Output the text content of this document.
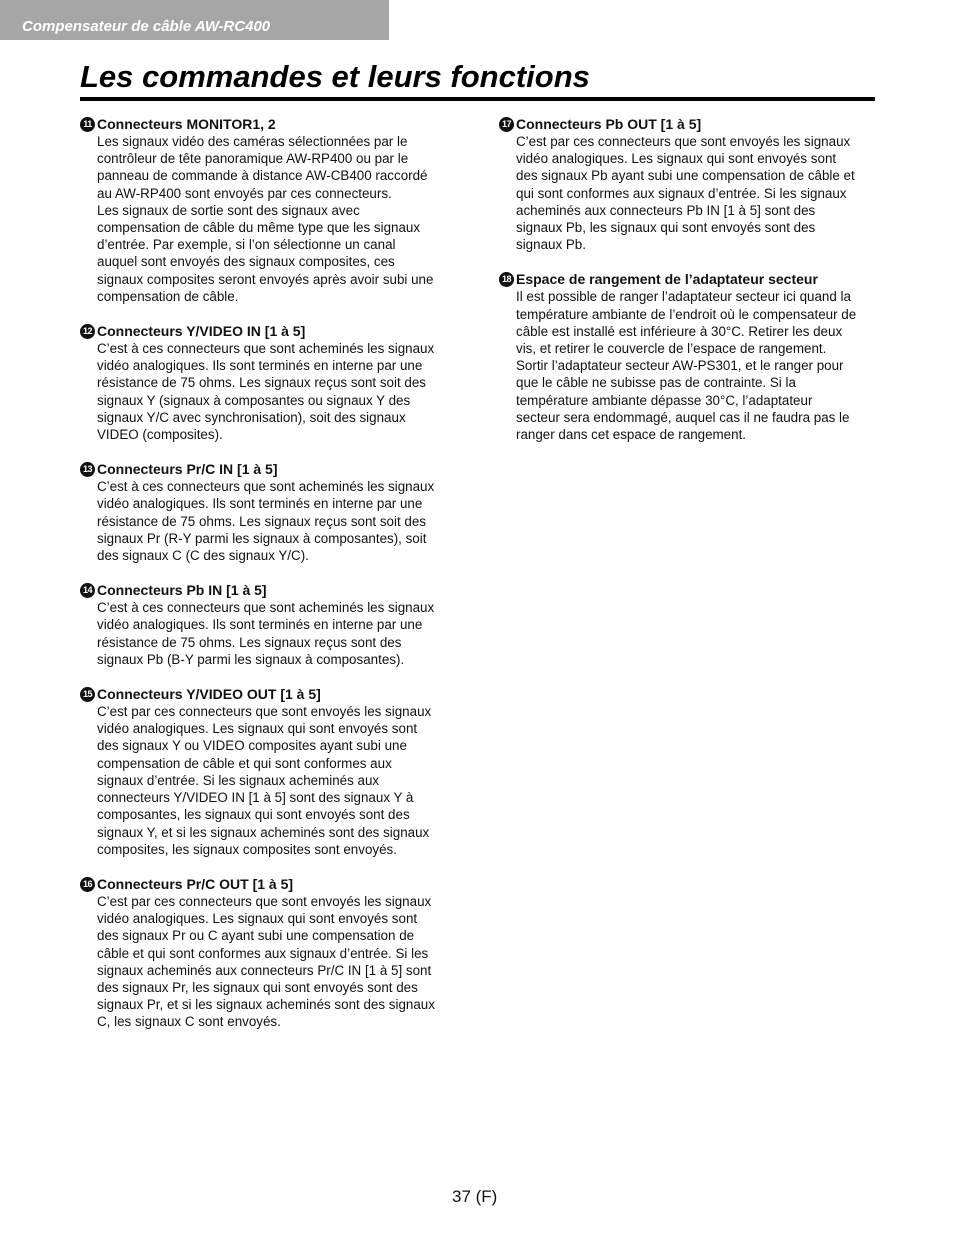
Compensateur de câble AW-RC400
Les commandes et leurs fonctions
11 Connecteurs MONITOR1, 2
Les signaux vidéo des caméras sélectionnées par le
contrôleur de tête panoramique AW-RP400 ou par le
panneau de commande à distance AW-CB400 raccordé
au AW-RP400 sont envoyés par ces connecteurs.
Les signaux de sortie sont des signaux avec
compensation de câble du même type que les signaux
d’entrée. Par exemple, si l’on sélectionne un canal
auquel sont envoyés des signaux composites, ces
signaux composites seront envoyés après avoir subi une
compensation de câble.
12 Connecteurs Y/VIDEO IN [1 à 5]
C’est à ces connecteurs que sont acheminés les signaux
vidéo analogiques. Ils sont terminés en interne par une
résistance de 75 ohms. Les signaux reçus sont soit des
signaux Y (signaux à composantes ou signaux Y des
signaux Y/C avec synchronisation), soit des signaux
VIDEO (composites).
13 Connecteurs Pr/C IN [1 à 5]
C’est à ces connecteurs que sont acheminés les signaux
vidéo analogiques. Ils sont terminés en interne par une
résistance de 75 ohms. Les signaux reçus sont soit des
signaux Pr (R-Y parmi les signaux à composantes), soit
des signaux C (C des signaux Y/C).
14 Connecteurs Pb IN [1 à 5]
C’est à ces connecteurs que sont acheminés les signaux
vidéo analogiques. Ils sont terminés en interne par une
résistance de 75 ohms. Les signaux reçus sont des
signaux Pb (B-Y parmi les signaux à composantes).
15 Connecteurs Y/VIDEO OUT [1 à 5]
C’est par ces connecteurs que sont envoyés les signaux
vidéo analogiques. Les signaux qui sont envoyés sont
des signaux Y ou VIDEO composites ayant subi une
compensation de câble et qui sont conformes aux
signaux d’entrée. Si les signaux acheminés aux
connecteurs Y/VIDEO IN [1 à 5] sont des signaux Y à
composantes, les signaux qui sont envoyés sont des
signaux Y, et si les signaux acheminés sont des signaux
composites, les signaux composites sont envoyés.
16 Connecteurs Pr/C OUT [1 à 5]
C’est par ces connecteurs que sont envoyés les signaux
vidéo analogiques. Les signaux qui sont envoyés sont
des signaux Pr ou C ayant subi une compensation de
câble et qui sont conformes aux signaux d’entrée. Si les
signaux acheminés aux connecteurs Pr/C IN [1 à 5] sont
des signaux Pr, les signaux qui sont envoyés sont des
signaux Pr, et si les signaux acheminés sont des signaux
C, les signaux C sont envoyés.
17 Connecteurs Pb OUT [1 à 5]
C’est par ces connecteurs que sont envoyés les signaux
vidéo analogiques. Les signaux qui sont envoyés sont
des signaux Pb ayant subi une compensation de câble et
qui sont conformes aux signaux d’entrée. Si les signaux
acheminés aux connecteurs Pb IN [1 à 5] sont des
signaux Pb, les signaux qui sont envoyés sont des
signaux Pb.
18 Espace de rangement de l’adaptateur secteur
Il est possible de ranger l’adaptateur secteur ici quand la
température ambiante de l’endroit où le compensateur de
câble est installé est inférieure à 30°C. Retirer les deux
vis, et retirer le couvercle de l’espace de rangement.
Sortir l’adaptateur secteur AW-PS301, et le ranger pour
que le câble ne subisse pas de contrainte. Si la
température ambiante dépasse 30°C, l’adaptateur
secteur sera endommagé, auquel cas il ne faudra pas le
ranger dans cet espace de rangement.
37 (F)
